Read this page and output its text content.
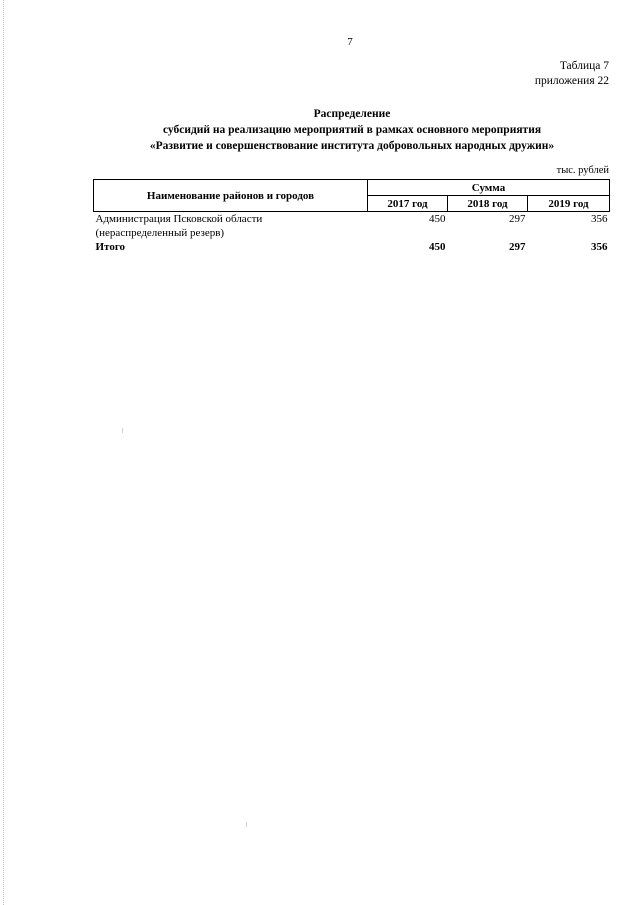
7
Таблица 7
приложения 22
Распределение
субсидий на реализацию мероприятий в рамках основного мероприятия
«Развитие и совершенствование института добровольных народных дружин»
тыс. рублей
Наименование районов и городов	Сумма		
	2017 год	2018 год	2019 год

Администрация Псковской области
(нераспределенный резерв)	450	297	356
Итого	450	297	356
